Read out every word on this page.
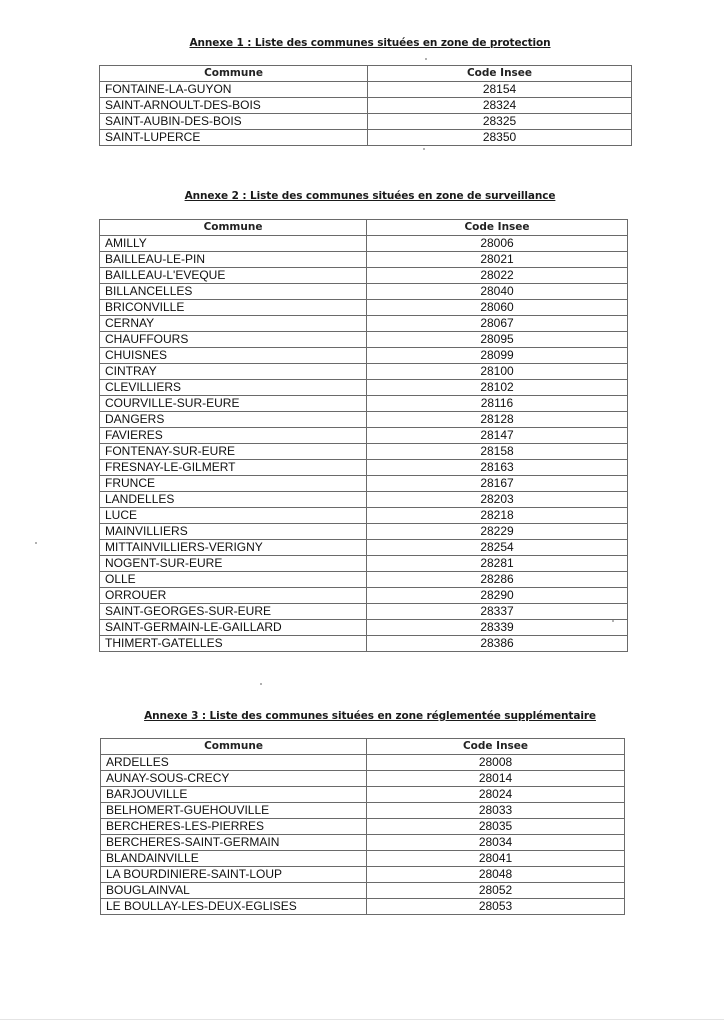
Annexe 1 : Liste des communes situées en zone de protection
Commune	Code Insee
FONTAINE-LA-GUYON	28154
SAINT-ARNOULT-DES-BOIS	28324
SAINT-AUBIN-DES-BOIS	28325
SAINT-LUPERCE	28350
Annexe 2 : Liste des communes situées en zone de surveillance
Commune	Code Insee
AMILLY	28006
BAILLEAU-LE-PIN	28021
BAILLEAU-L'EVEQUE	28022
BILLANCELLES	28040
BRICONVILLE	28060
CERNAY	28067
CHAUFFOURS	28095
CHUISNES	28099
CINTRAY	28100
CLEVILLIERS	28102
COURVILLE-SUR-EURE	28116
DANGERS	28128
FAVIERES	28147
FONTENAY-SUR-EURE	28158
FRESNAY-LE-GILMERT	28163
FRUNCE	28167
LANDELLES	28203
LUCE	28218
MAINVILLIERS	28229
MITTAINVILLIERS-VERIGNY	28254
NOGENT-SUR-EURE	28281
OLLE	28286
ORROUER	28290
SAINT-GEORGES-SUR-EURE	28337
SAINT-GERMAIN-LE-GAILLARD	28339
THIMERT-GATELLES	28386
Annexe 3 : Liste des communes situées en zone réglementée supplémentaire
Commune	Code Insee
ARDELLES	28008
AUNAY-SOUS-CRECY	28014
BARJOUVILLE	28024
BELHOMERT-GUEHOUVILLE	28033
BERCHERES-LES-PIERRES	28035
BERCHERES-SAINT-GERMAIN	28034
BLANDAINVILLE	28041
LA BOURDINIERE-SAINT-LOUP	28048
BOUGLAINVAL	28052
LE BOULLAY-LES-DEUX-EGLISES	28053
